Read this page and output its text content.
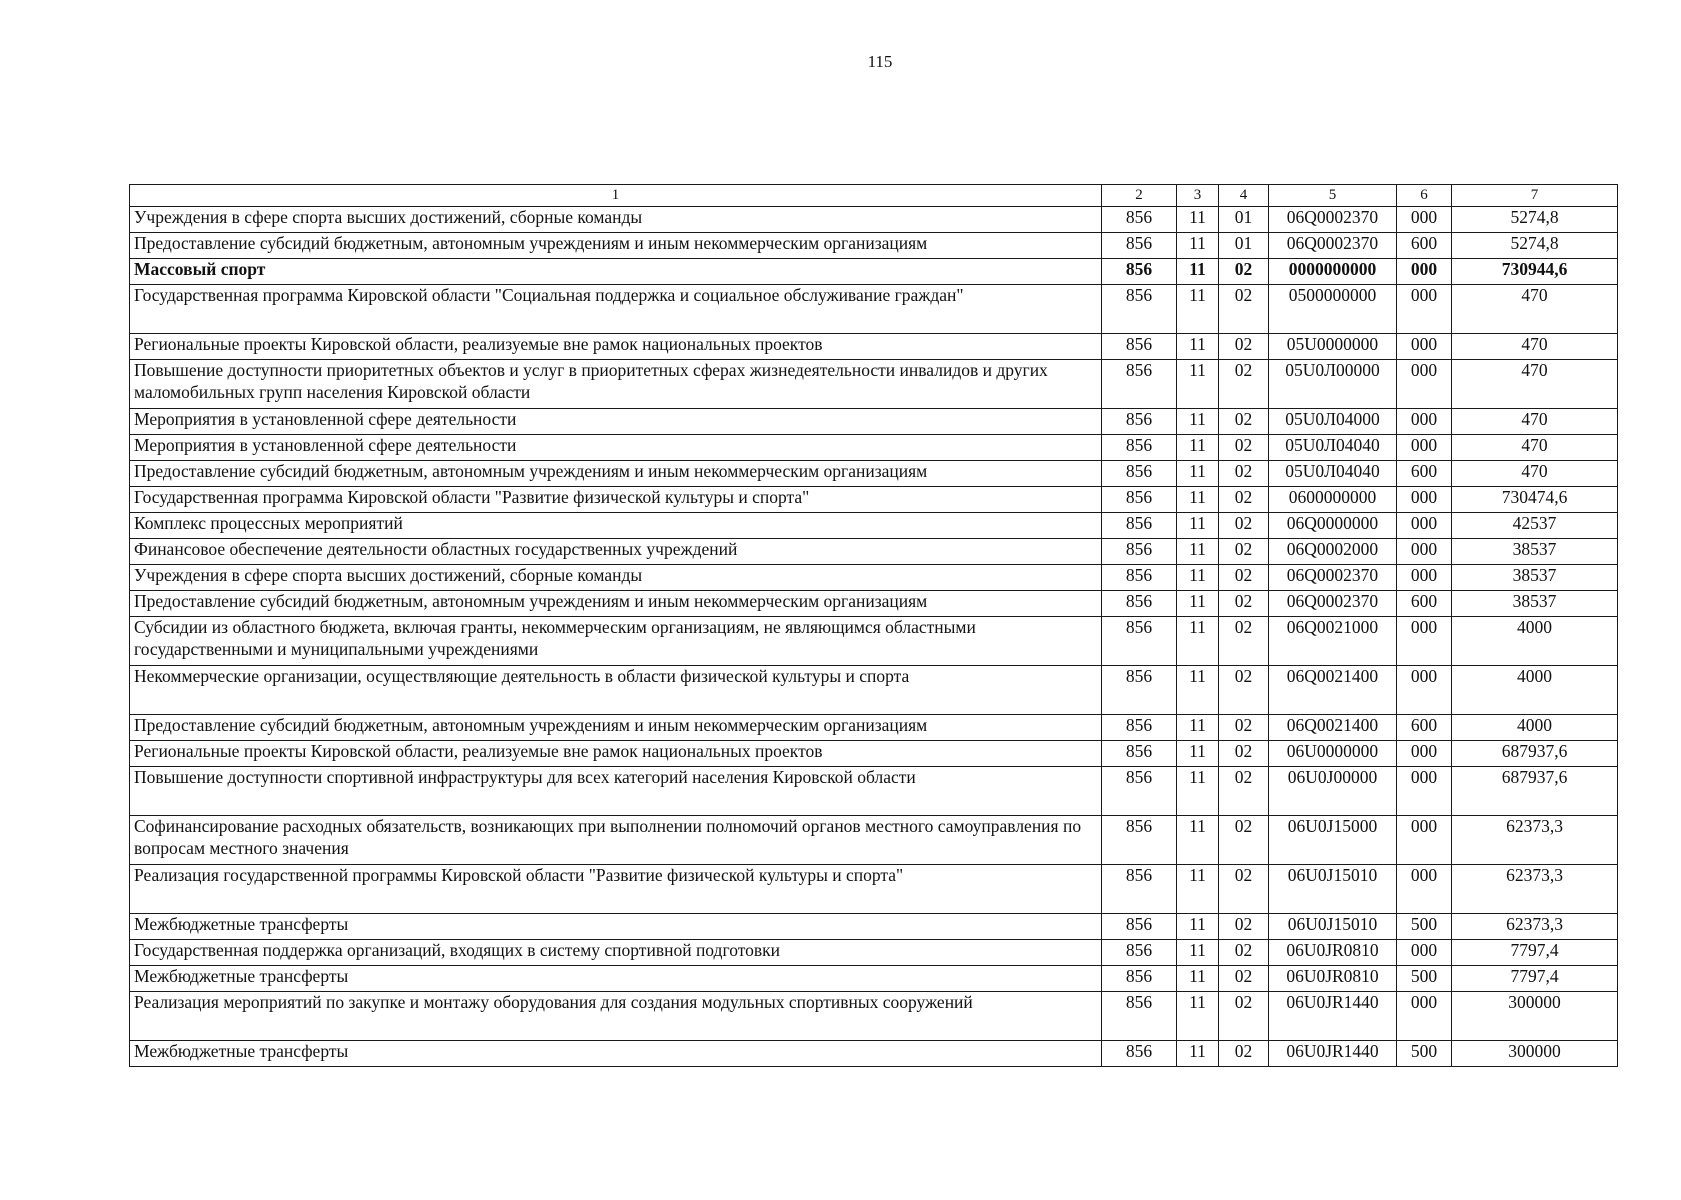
115
1	2	3	4	5	6	7
Учреждения в сфере спорта высших достижений, сборные команды	856	11	01	06Q0002370	000	5274,8
Предоставление субсидий бюджетным, автономным учреждениям и иным некоммерческим организациям	856	11	01	06Q0002370	600	5274,8
Массовый спорт	856	11	02	0000000000	000	730944,6
Государственная программа Кировской области "Социальная поддержка и социальное обслуживание граждан"	856	11	02	0500000000	000	470
Региональные проекты Кировской области, реализуемые вне рамок национальных проектов	856	11	02	05U0000000	000	470
Повышение доступности приоритетных объектов и услуг в приоритетных сферах жизнедеятельности инвалидов и других маломобильных групп населения Кировской области	856	11	02	05U0Л00000	000	470
Мероприятия в установленной сфере деятельности	856	11	02	05U0Л04000	000	470
Мероприятия в установленной сфере деятельности	856	11	02	05U0Л04040	000	470
Предоставление субсидий бюджетным, автономным учреждениям и иным некоммерческим организациям	856	11	02	05U0Л04040	600	470
Государственная программа Кировской области "Развитие физической культуры и спорта"	856	11	02	0600000000	000	730474,6
Комплекс процессных мероприятий	856	11	02	06Q0000000	000	42537
Финансовое обеспечение деятельности областных государственных учреждений	856	11	02	06Q0002000	000	38537
Учреждения в сфере спорта высших достижений, сборные команды	856	11	02	06Q0002370	000	38537
Предоставление субсидий бюджетным, автономным учреждениям и иным некоммерческим организациям	856	11	02	06Q0002370	600	38537
Субсидии из областного бюджета, включая гранты, некоммерческим организациям, не являющимся областными государственными и муниципальными учреждениями	856	11	02	06Q0021000	000	4000
Некоммерческие организации, осуществляющие деятельность в области физической культуры и спорта	856	11	02	06Q0021400	000	4000
Предоставление субсидий бюджетным, автономным учреждениям и иным некоммерческим организациям	856	11	02	06Q0021400	600	4000
Региональные проекты Кировской области, реализуемые вне рамок национальных проектов	856	11	02	06U0000000	000	687937,6
Повышение доступности спортивной инфраструктуры для всех категорий населения Кировской области	856	11	02	06U0J00000	000	687937,6
Софинансирование расходных обязательств, возникающих при выполнении полномочий органов местного самоуправления по вопросам местного значения	856	11	02	06U0J15000	000	62373,3
Реализация государственной программы Кировской области "Развитие физической культуры и спорта"	856	11	02	06U0J15010	000	62373,3
Межбюджетные трансферты	856	11	02	06U0J15010	500	62373,3
Государственная поддержка организаций, входящих в систему спортивной подготовки	856	11	02	06U0JR0810	000	7797,4
Межбюджетные трансферты	856	11	02	06U0JR0810	500	7797,4
Реализация мероприятий по закупке и монтажу оборудования для создания модульных спортивных сооружений	856	11	02	06U0JR1440	000	300000
Межбюджетные трансферты	856	11	02	06U0JR1440	500	300000
